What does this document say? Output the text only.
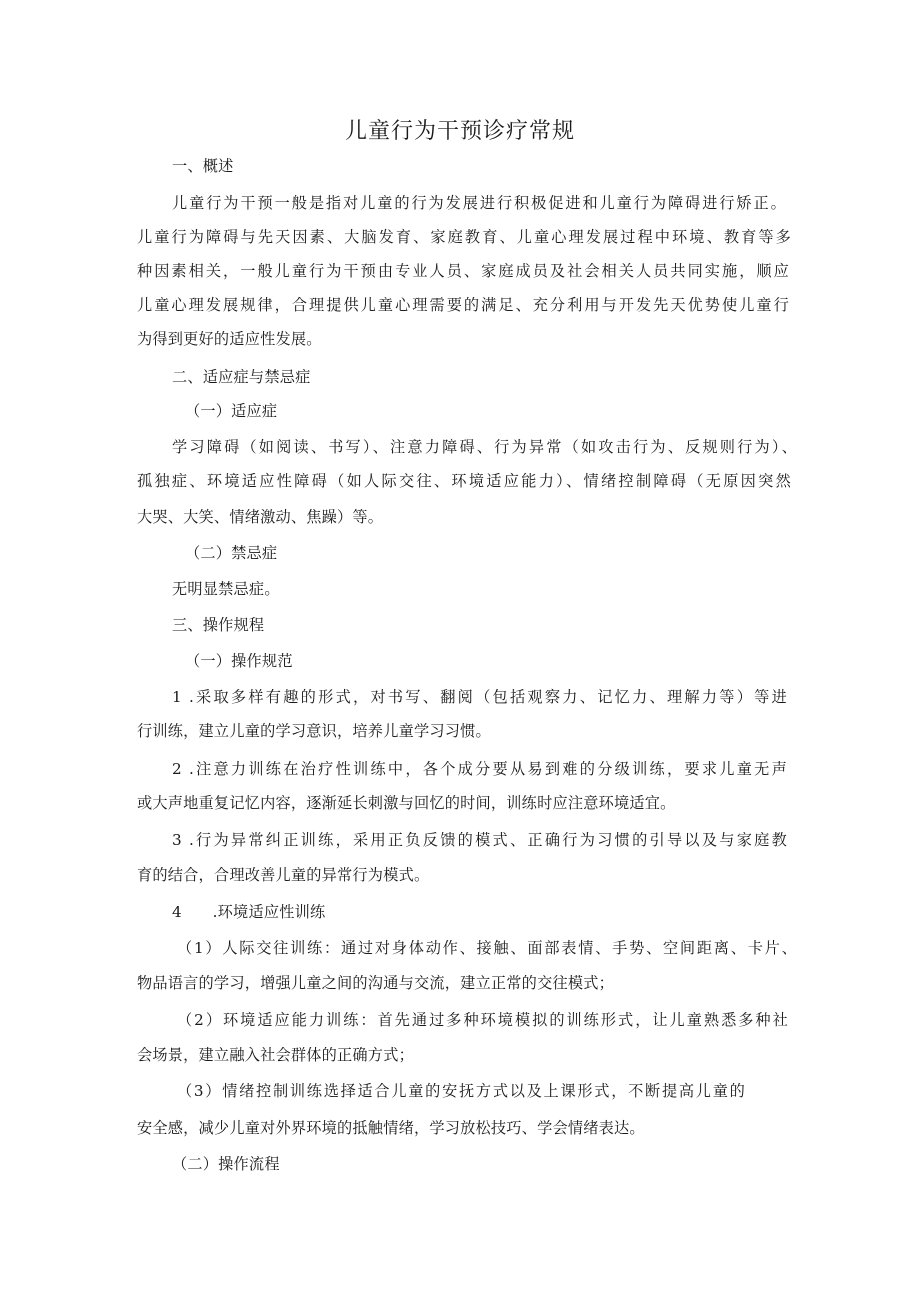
儿童行为干预诊疗常规
一、概述
儿童行为干预一般是指对儿童的行为发展进行积极促进和儿童行为障碍进行矫正。
儿童行为障碍与先天因素、大脑发育、家庭教育、儿童心理发展过程中环境、教育等多
种因素相关，一般儿童行为干预由专业人员、家庭成员及社会相关人员共同实施，顺应
儿童心理发展规律，合理提供儿童心理需要的满足、充分利用与开发先天优势使儿童行
为得到更好的适应性发展。
二、适应症与禁忌症
（一）适应症
学习障碍（如阅读、书写）、注意力障碍、行为异常（如攻击行为、反规则行为）、
孤独症、环境适应性障碍（如人际交往、环境适应能力）、情绪控制障碍（无原因突然
大哭、大笑、情绪激动、焦躁）等。
（二）禁忌症
无明显禁忌症。
三、操作规程
（一）操作规范
1 .采取多样有趣的形式，对书写、翻阅（包括观察力、记忆力、理解力等）等进
行训练，建立儿童的学习意识，培养儿童学习习惯。
2 .注意力训练在治疗性训练中，各个成分要从易到难的分级训练，要求儿童无声
或大声地重复记忆内容，逐渐延长刺激与回忆的时间，训练时应注意环境适宜。
3 .行为异常纠正训练，采用正负反馈的模式、正确行为习惯的引导以及与家庭教
育的结合，合理改善儿童的异常行为模式。
4　　.环境适应性训练
（1）人际交往训练：通过对身体动作、接触、面部表情、手势、空间距离、卡片、
物品语言的学习，增强儿童之间的沟通与交流，建立正常的交往模式；
（2）环境适应能力训练：首先通过多种环境模拟的训练形式，让儿童熟悉多种社
会场景，建立融入社会群体的正确方式；
（3）情绪控制训练选择适合儿童的安抚方式以及上课形式，不断提高儿童的
安全感，减少儿童对外界环境的抵触情绪，学习放松技巧、学会情绪表达。
（二）操作流程
